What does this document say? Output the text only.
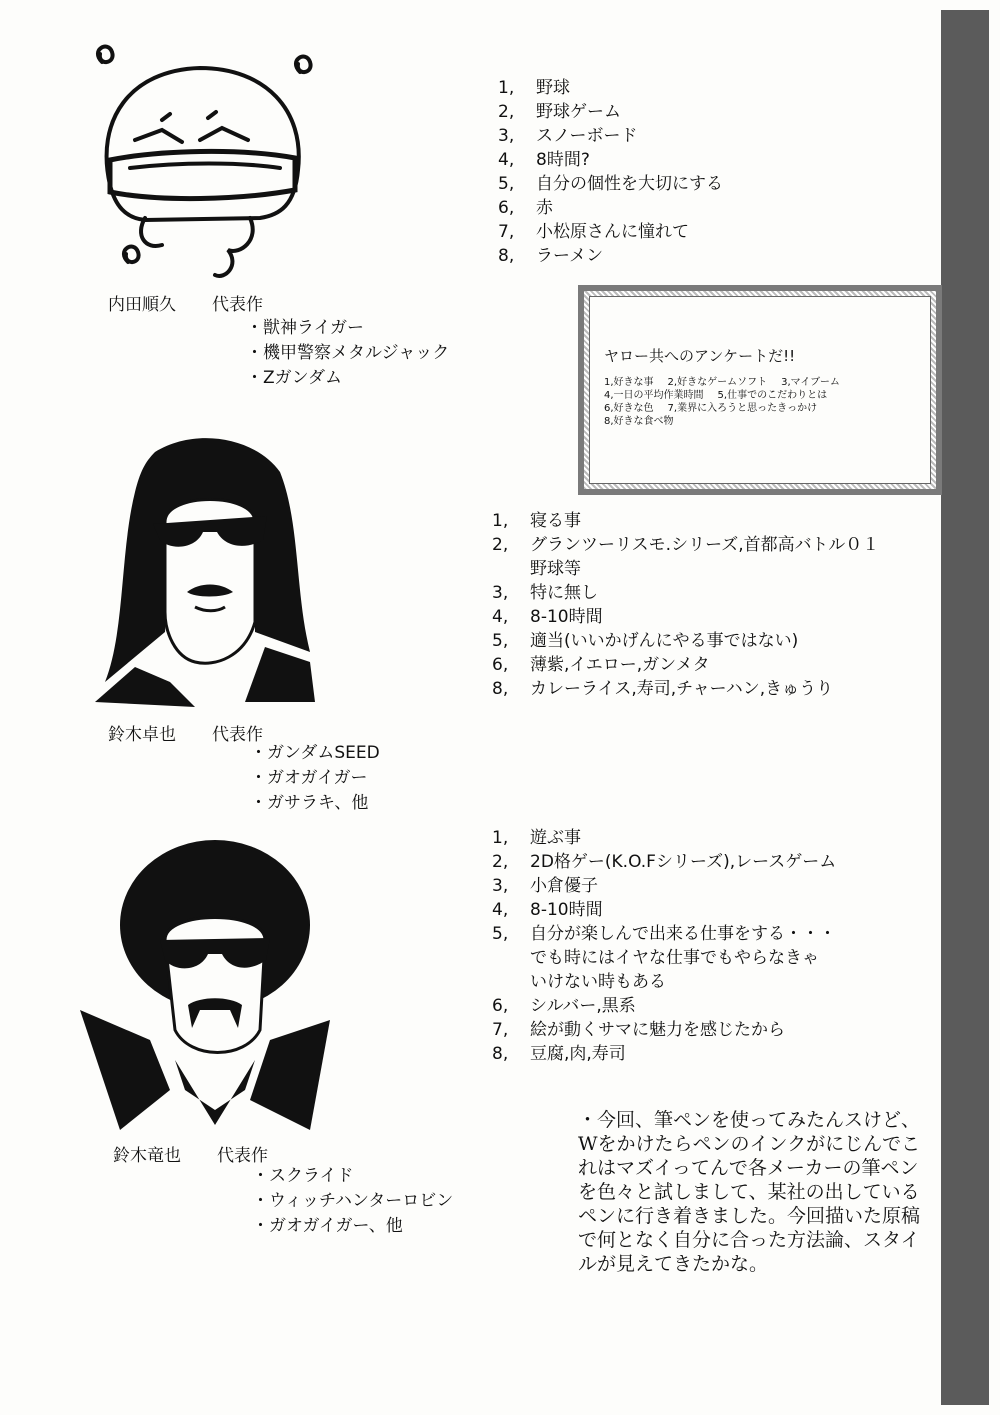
内田順久 代表作
・獣神ライガー
・機甲警察メタルジャック
・Zガンダム
1,	野球
2,	野球ゲーム
3,	スノーボード
4,	8時間?
5,	自分の個性を大切にする
6,	赤
7,	小松原さんに憧れて
8,	ラーメン
ヤロー共へのアンケートだ!!
1,好きな事 2,好きなゲームソフト 3,マイブーム
4,一日の平均作業時間 5,仕事でのこだわりとは
6,好きな色 7,業界に入ろうと思ったきっかけ
8,好きな食べ物
鈴木卓也 代表作
・ガンダムSEED
・ガオガイガー
・ガサラキ、他
1,	寝る事
2,	グランツーリスモ.シリーズ,首都高バトル０１
野球等
3,	特に無し
4,	8-10時間
5,	適当(いいかげんにやる事ではない)
6,	薄紫,イエロー,ガンメタ
8,	カレーライス,寿司,チャーハン,きゅうり
鈴木竜也 代表作
・スクライド
・ウィッチハンターロビン
・ガオガイガー、他
1,	遊ぶ事
2,	2D格ゲー(K.O.Fシリーズ),レースゲーム
3,	小倉優子
4,	8-10時間
5,	自分が楽しんで出来る仕事をする・・・
でも時にはイヤな仕事でもやらなきゃ
いけない時もある
6,	シルバー,黒系
7,	絵が動くサマに魅力を感じたから
8,	豆腐,肉,寿司
・今回、筆ペンを使ってみたんスけど、Wをかけたらペンのインクがにじんでこれはマズイってんで各メーカーの筆ペンを色々と試しまして、某社の出しているペンに行き着きました。今回描いた原稿で何となく自分に合った方法論、スタイルが見えてきたかな。
